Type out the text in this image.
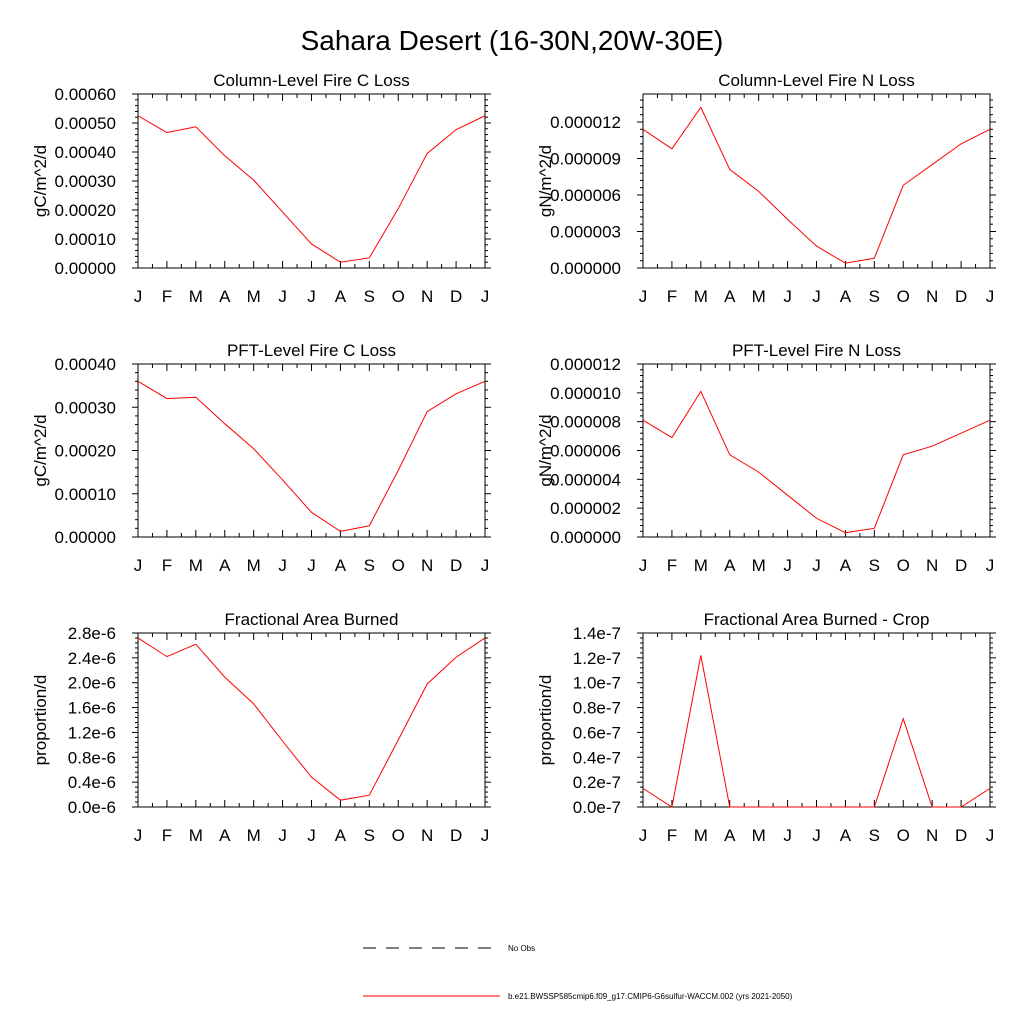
Sahara Desert (16-30N,20W-30E)
Column-Level Fire C Loss
gC/m^2/d
J F M A M J J A S O N D J
0.00000
0.00010
0.00020
0.00030
0.00040
0.00050
0.00060
Column-Level Fire N Loss
gN/m^2/d
J F M A M J J A S O N D J
0.000000
0.000003
0.000006
0.000009
0.000012
PFT-Level Fire C Loss
gC/m^2/d
J F M A M J J A S O N D J
0.00000
0.00010
0.00020
0.00030
0.00040
PFT-Level Fire N Loss
gN/m^2/d
J F M A M J J A S O N D J
0.000000
0.000002
0.000004
0.000006
0.000008
0.000010
0.000012
Fractional Area Burned
proportion/d
J F M A M J J A S O N D J
0.0e-6
0.4e-6
0.8e-6
1.2e-6
1.6e-6
2.0e-6
2.4e-6
2.8e-6
Fractional Area Burned - Crop
proportion/d
J F M A M J J A S O N D J
0.0e-7
0.2e-7
0.4e-7
0.6e-7
0.8e-7
1.0e-7
1.2e-7
1.4e-7
No Obs
b.e21.BWSSP585cmip6.f09_g17.CMIP6-G6sulfur-WACCM.002 (yrs 2021-2050)
